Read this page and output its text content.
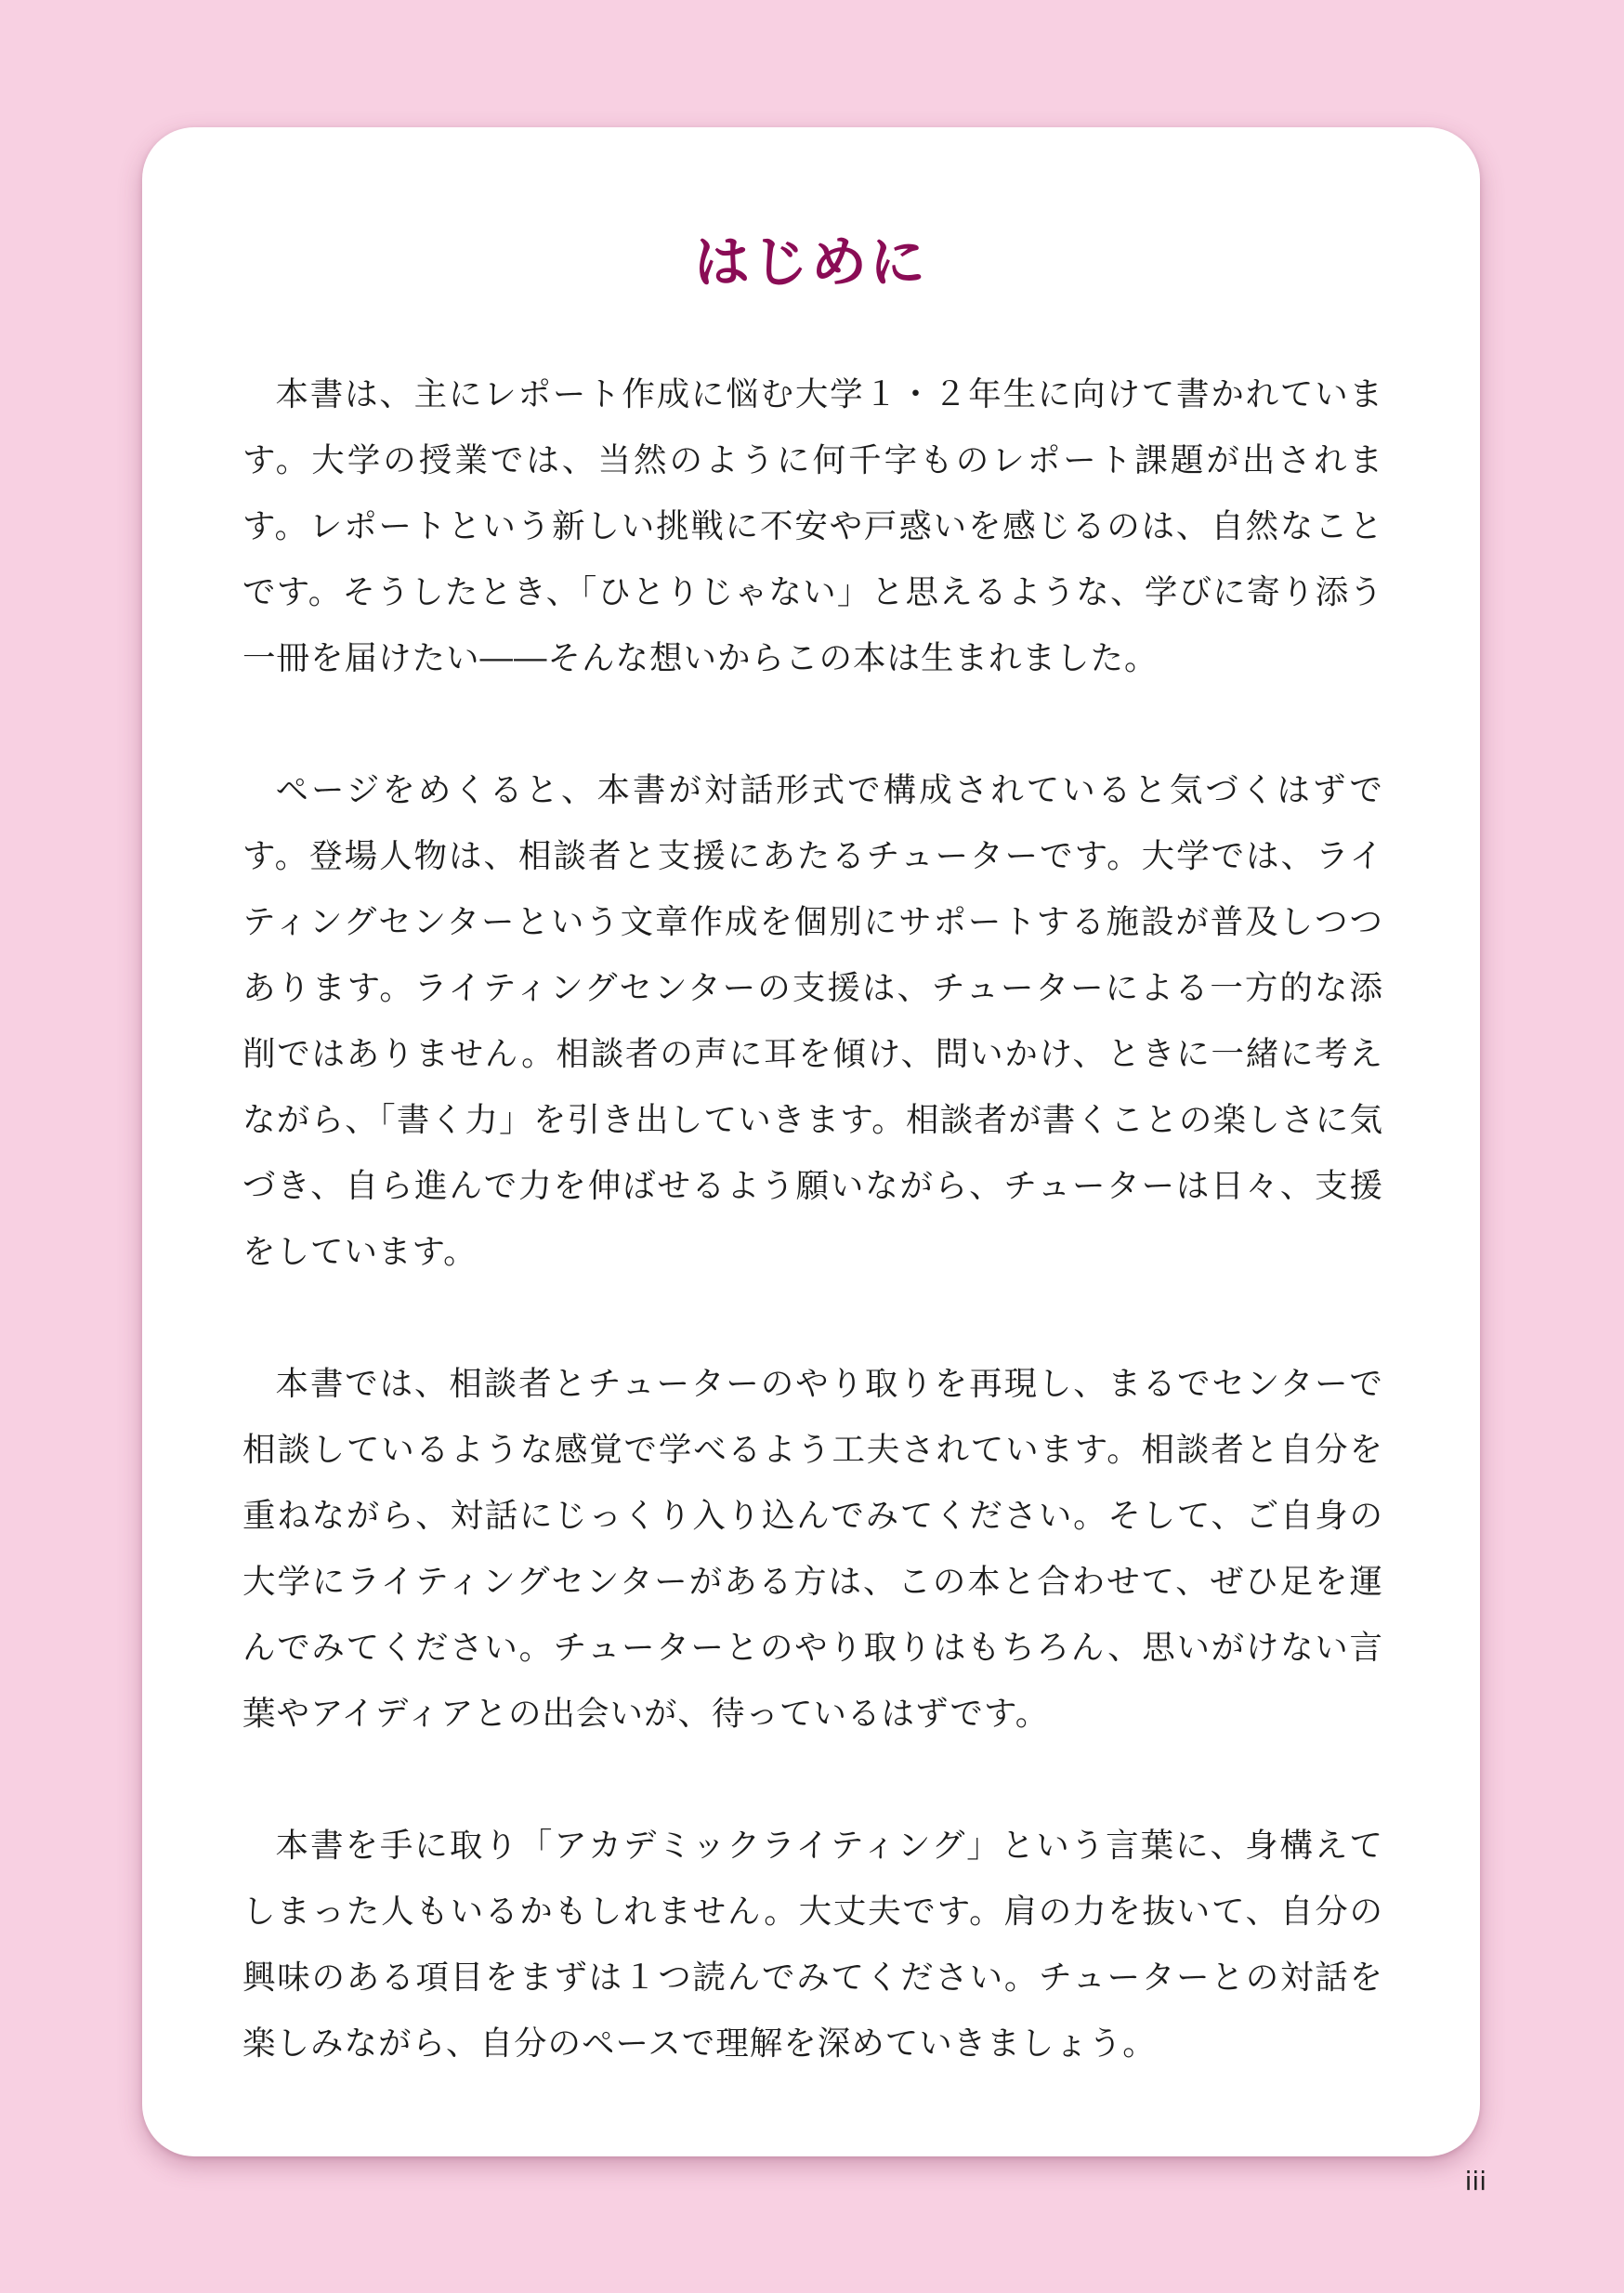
はじめに

本書は、主にレポート作成に悩む大学１・２年生に向けて書かれています。大学の授業では、当然のように何千字ものレポート課題が出されます。レポートという新しい挑戦に不安や戸惑いを感じるのは、自然なことです。そうしたとき、「ひとりじゃない」と思えるような、学びに寄り添う一冊を届けたい――そんな想いからこの本は生まれました。

ページをめくると、本書が対話形式で構成されていると気づくはずです。登場人物は、相談者と支援にあたるチューターです。大学では、ライティングセンターという文章作成を個別にサポートする施設が普及しつつあります。ライティングセンターの支援は、チューターによる一方的な添削ではありません。相談者の声に耳を傾け、問いかけ、ときに一緒に考えながら、「書く力」を引き出していきます。相談者が書くことの楽しさに気づき、自ら進んで力を伸ばせるよう願いながら、チューターは日々、支援をしています。

本書では、相談者とチューターのやり取りを再現し、まるでセンターで相談しているような感覚で学べるよう工夫されています。相談者と自分を重ねながら、対話にじっくり入り込んでみてください。そして、ご自身の大学にライティングセンターがある方は、この本と合わせて、ぜひ足を運んでみてください。チューターとのやり取りはもちろん、思いがけない言葉やアイディアとの出会いが、待っているはずです。

本書を手に取り「アカデミックライティング」という言葉に、身構えてしまった人もいるかもしれません。大丈夫です。肩の力を抜いて、自分の興味のある項目をまずは１つ読んでみてください。チューターとの対話を楽しみながら、自分のペースで理解を深めていきましょう。

iii
